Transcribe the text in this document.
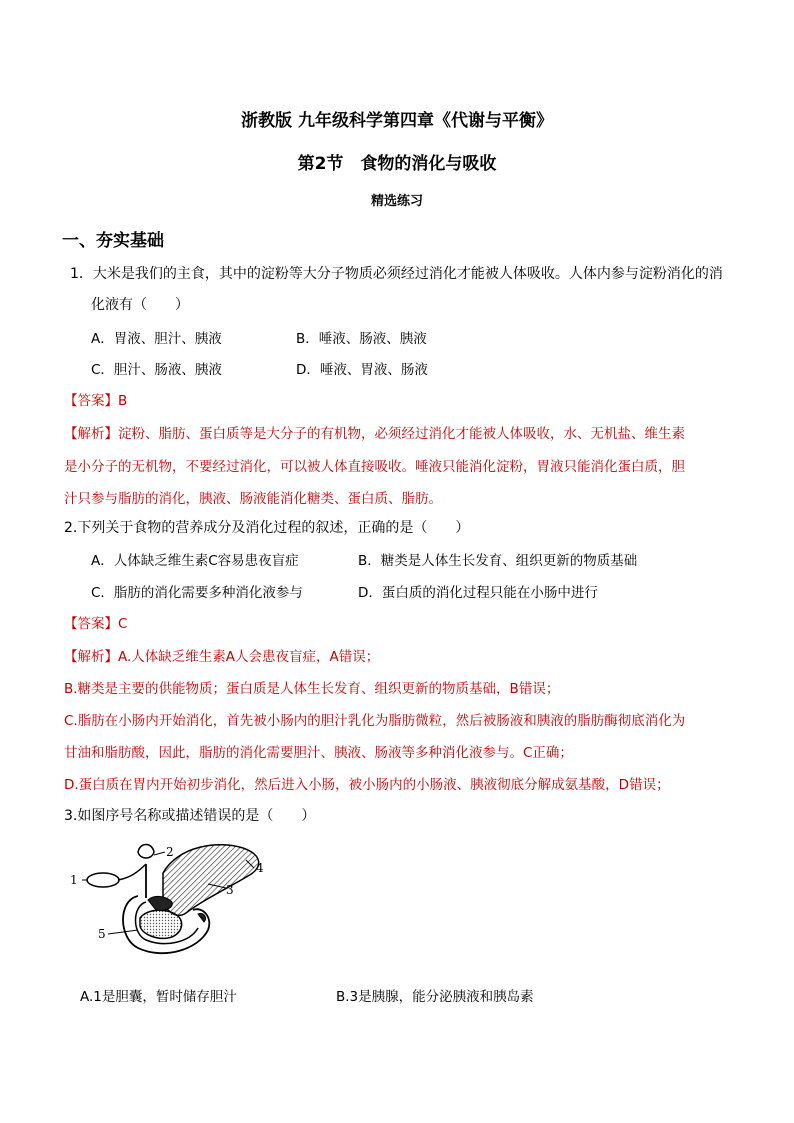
浙教版 九年级科学第四章《代谢与平衡》
第2节　食物的消化与吸收
精选练习
一、夯实基础
1．大米是我们的主食，其中的淀粉等大分子物质必须经过消化才能被人体吸收。人体内参与淀粉消化的消
化液有（　　）
A．胃液、胆汁、胰液	B．唾液、肠液、胰液
C．胆汁、肠液、胰液	D．唾液、胃液、肠液
【答案】B
【解析】淀粉、脂肪、蛋白质等是大分子的有机物，必须经过消化才能被人体吸收，水、无机盐、维生素
是小分子的无机物，不要经过消化，可以被人体直接吸收。唾液只能消化淀粉，胃液只能消化蛋白质，胆
汁只参与脂肪的消化，胰液、肠液能消化糖类、蛋白质、脂肪。
2.下列关于食物的营养成分及消化过程的叙述，正确的是（　　）
A．人体缺乏维生素C容易患夜盲症	B．糖类是人体生长发育、组织更新的物质基础
C．脂肪的消化需要多种消化液参与	D．蛋白质的消化过程只能在小肠中进行
【答案】C
【解析】A.人体缺乏维生素A人会患夜盲症，A错误；
B.糖类是主要的供能物质；蛋白质是人体生长发育、组织更新的物质基础，B错误；
C.脂肪在小肠内开始消化，首先被小肠内的胆汁乳化为脂肪微粒，然后被肠液和胰液的脂肪酶彻底消化为
甘油和脂肪酸，因此，脂肪的消化需要胆汁、胰液、肠液等多种消化液参与。C正确；
D.蛋白质在胃内开始初步消化，然后进入小肠，被小肠内的小肠液、胰液彻底分解成氨基酸，D错误；
3.如图序号名称或描述错误的是（　　）
1
2
3
4
5
A.1是胆囊，暂时储存胆汁	B.3是胰腺，能分泌胰液和胰岛素
